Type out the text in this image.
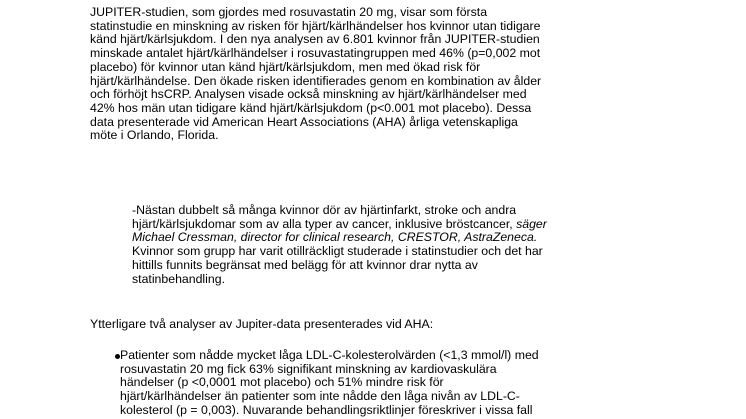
JUPITER-studien, som gjordes med rosuvastatin 20 mg, visar som första
statinstudie en minskning av risken för hjärt/kärlhändelser hos kvinnor utan tidigare
känd hjärt/kärlsjukdom. I den nya analysen av 6.801 kvinnor från JUPITER-studien
minskade antalet hjärt/kärlhändelser i rosuvastatingruppen med 46% (p=0,002 mot
placebo) för kvinnor utan känd hjärt/kärlsjukdom, men med ökad risk för
hjärt/kärlhändelse. Den ökade risken identifierades genom en kombination av ålder
och förhöjt hsCRP. Analysen visade också minskning av hjärt/kärlhändelser med
42% hos män utan tidigare känd hjärt/kärlsjukdom (p<0.001 mot placebo). Dessa
data presenterade vid American Heart Associations (AHA) årliga vetenskapliga
möte i Orlando, Florida.

-Nästan dubbelt så många kvinnor dör av hjärtinfarkt, stroke och andra
hjärt/kärlsjukdomar som av alla typer av cancer, inklusive bröstcancer, säger
Michael Cressman, director for clinical research, CRESTOR, AstraZeneca.
Kvinnor som grupp har varit otillräckligt studerade i statinstudier och det har
hittills funnits begränsat med belägg för att kvinnor drar nytta av
statinbehandling.

Ytterligare två analyser av Jupiter-data presenterades vid AHA:

Patienter som nådde mycket låga LDL-C-kolesterolvärden (<1,3 mmol/l) med
rosuvastatin 20 mg fick 63% signifikant minskning av kardiovaskulära
händelser (p <0,0001 mot placebo) och 51% mindre risk för
hjärt/kärlhändelser än patienter som inte nådde den låga nivån av LDL-C-
kolesterol (p = 0,003). Nuvarande behandlingsriktlinjer föreskriver i vissa fall
